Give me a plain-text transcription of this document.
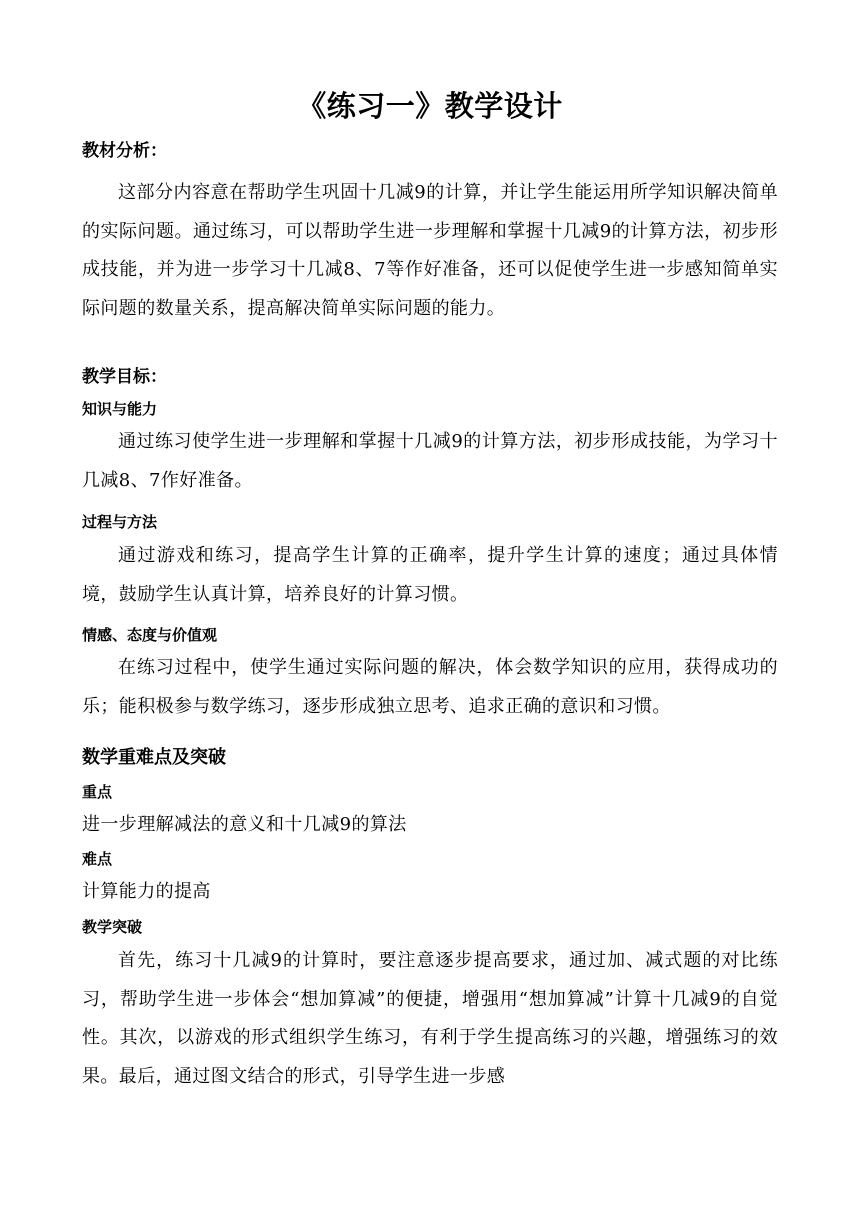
《练习一》教学设计
教材分析：
这部分内容意在帮助学生巩固十几减9的计算，并让学生能运用所学知识解决简单的实际问题。通过练习，可以帮助学生进一步理解和掌握十几减9的计算方法，初步形成技能，并为进一步学习十几减8、7等作好准备，还可以促使学生进一步感知简单实际问题的数量关系，提高解决简单实际问题的能力。
教学目标：
知识与能力
通过练习使学生进一步理解和掌握十几减9的计算方法，初步形成技能，为学习十几减8、7作好准备。
过程与方法
通过游戏和练习，提高学生计算的正确率，提升学生计算的速度；通过具体情境，鼓励学生认真计算，培养良好的计算习惯。
情感、态度与价值观
在练习过程中，使学生通过实际问题的解决，体会数学知识的应用，获得成功的乐；能积极参与数学练习，逐步形成独立思考、追求正确的意识和习惯。
数学重难点及突破
重点
进一步理解减法的意义和十几减9的算法
难点
计算能力的提高
教学突破
首先，练习十几减9的计算时，要注意逐步提高要求，通过加、减式题的对比练习，帮助学生进一步体会“想加算减”的便捷，增强用“想加算减”计算十几减9的自觉性。其次，以游戏的形式组织学生练习，有利于学生提高练习的兴趣，增强练习的效果。最后，通过图文结合的形式，引导学生进一步感
